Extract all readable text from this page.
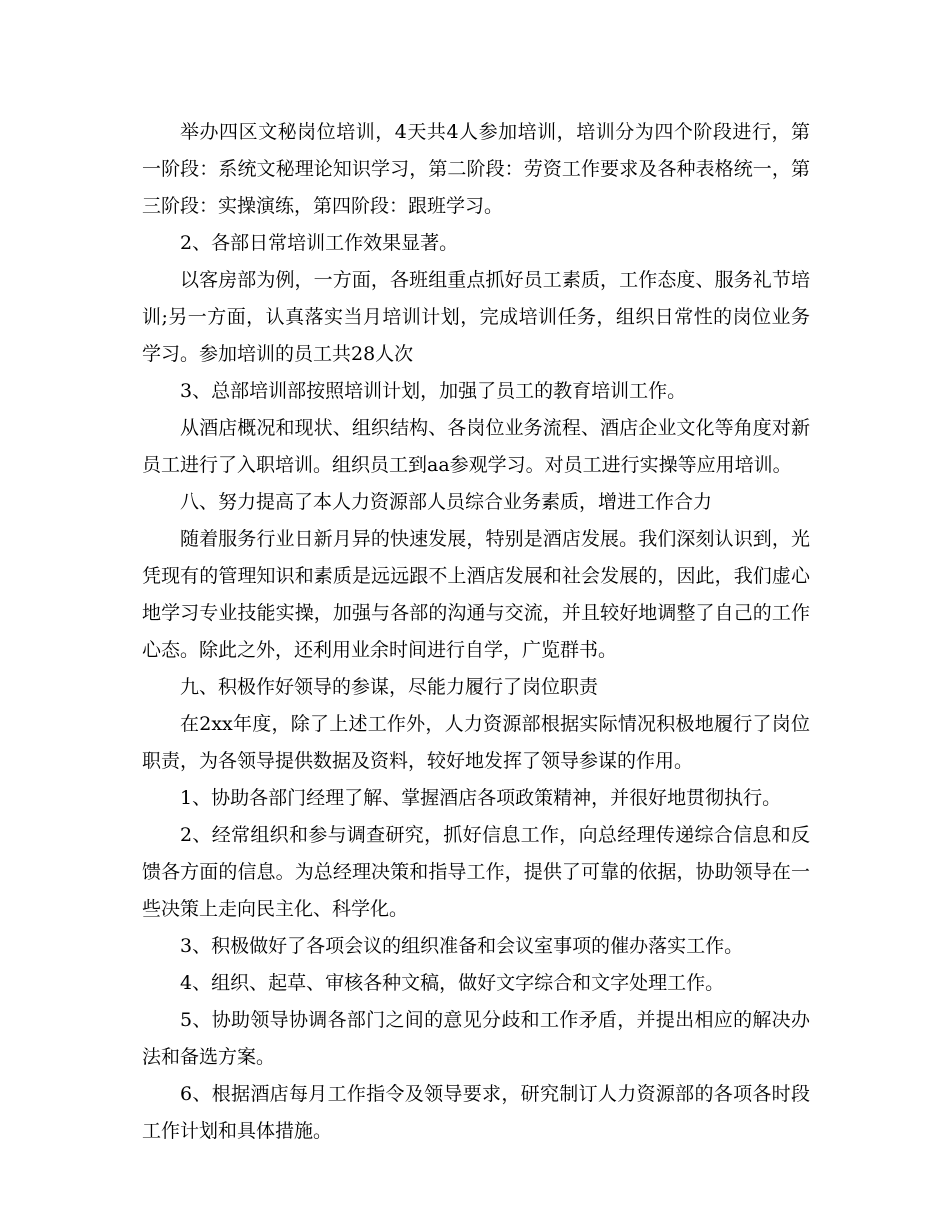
举办四区文秘岗位培训，4天共4人参加培训，培训分为四个阶段进行，第一阶段：系统文秘理论知识学习，第二阶段：劳资工作要求及各种表格统一，第三阶段：实操演练，第四阶段：跟班学习。

2、各部日常培训工作效果显著。

以客房部为例，一方面，各班组重点抓好员工素质，工作态度、服务礼节培训;另一方面，认真落实当月培训计划，完成培训任务，组织日常性的岗位业务学习。参加培训的员工共28人次

3、总部培训部按照培训计划，加强了员工的教育培训工作。

从酒店概况和现状、组织结构、各岗位业务流程、酒店企业文化等角度对新员工进行了入职培训。组织员工到aa参观学习。对员工进行实操等应用培训。

八、努力提高了本人力资源部人员综合业务素质，增进工作合力

随着服务行业日新月异的快速发展，特别是酒店发展。我们深刻认识到，光凭现有的管理知识和素质是远远跟不上酒店发展和社会发展的，因此，我们虚心地学习专业技能实操，加强与各部的沟通与交流，并且较好地调整了自己的工作心态。除此之外，还利用业余时间进行自学，广览群书。

九、积极作好领导的参谋，尽能力履行了岗位职责

在2xx年度，除了上述工作外，人力资源部根据实际情况积极地履行了岗位职责，为各领导提供数据及资料，较好地发挥了领导参谋的作用。

1、协助各部门经理了解、掌握酒店各项政策精神，并很好地贯彻执行。

2、经常组织和参与调查研究，抓好信息工作，向总经理传递综合信息和反馈各方面的信息。为总经理决策和指导工作，提供了可靠的依据，协助领导在一些决策上走向民主化、科学化。

3、积极做好了各项会议的组织准备和会议室事项的催办落实工作。

4、组织、起草、审核各种文稿，做好文字综合和文字处理工作。

5、协助领导协调各部门之间的意见分歧和工作矛盾，并提出相应的解决办法和备选方案。

6、根据酒店每月工作指令及领导要求，研究制订人力资源部的各项各时段工作计划和具体措施。
